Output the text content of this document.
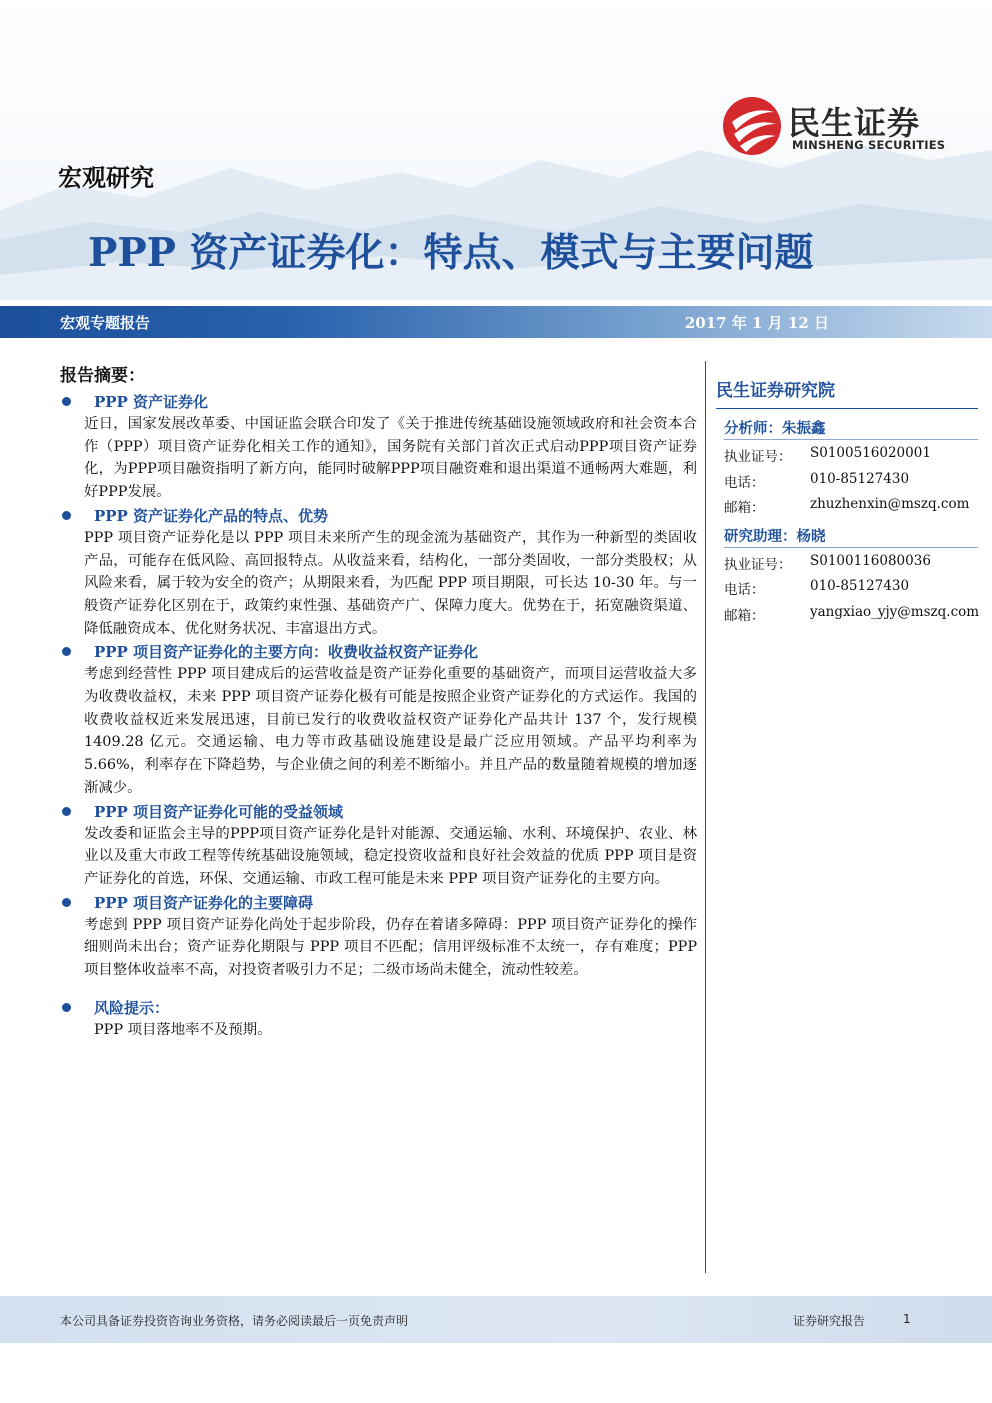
宏观研究
民生证券
MINSHENG SECURITIES
PPP 资产证券化：特点、模式与主要问题
宏观专题报告	2017 年 1 月 12 日
报告摘要：
PPP 资产证券化

近日，国家发展改革委、中国证监会联合印发了《关于推进传统基础设施领域政府和社会资本合作（PPP）项目资产证券化相关工作的通知》，国务院有关部门首次正式启动PPP项目资产证券化，为PPP项目融资指明了新方向，能同时破解PPP项目融资难和退出渠道不通畅两大难题，利好PPP发展。

PPP 资产证券化产品的特点、优势

PPP 项目资产证券化是以 PPP 项目未来所产生的现金流为基础资产，其作为一种新型的类固收产品，可能存在低风险、高回报特点。从收益来看，结构化，一部分类固收，一部分类股权；从风险来看，属于较为安全的资产；从期限来看，为匹配 PPP 项目期限，可长达 10-30 年。与一般资产证券化区别在于，政策约束性强、基础资产广、保障力度大。优势在于，拓宽融资渠道、降低融资成本、优化财务状况、丰富退出方式。

PPP 项目资产证券化的主要方向：收费收益权资产证券化

考虑到经营性 PPP 项目建成后的运营收益是资产证券化重要的基础资产，而项目运营收益大多为收费收益权，未来 PPP 项目资产证券化极有可能是按照企业资产证券化的方式运作。我国的收费收益权近来发展迅速，目前已发行的收费收益权资产证券化产品共计 137 个，发行规模 1409.28 亿元。交通运输、电力等市政基础设施建设是最广泛应用领域。产品平均利率为 5.66%，利率存在下降趋势，与企业债之间的利差不断缩小。并且产品的数量随着规模的增加逐渐减少。

PPP 项目资产证券化可能的受益领域

发改委和证监会主导的PPP项目资产证券化是针对能源、交通运输、水利、环境保护、农业、林业以及重大市政工程等传统基础设施领域，稳定投资收益和良好社会效益的优质 PPP 项目是资产证券化的首选，环保、交通运输、市政工程可能是未来 PPP 项目资产证券化的主要方向。

PPP 项目资产证券化的主要障碍

考虑到 PPP 项目资产证券化尚处于起步阶段，仍存在着诸多障碍：PPP 项目资产证券化的操作细则尚未出台；资产证券化期限与 PPP 项目不匹配；信用评级标准不太统一，存有难度；PPP 项目整体收益率不高，对投资者吸引力不足；二级市场尚未健全，流动性较差。

风险提示：

PPP 项目落地率不及预期。

民生证券研究院
分析师：朱振鑫
执业证号： S0100516020001
电话：	010-85127430
邮箱：	zhuzhenxin@mszq.com
研究助理：杨晓
执业证号： S0100116080036
电话：	010-85127430
邮箱：	yangxiao_yjy@mszq.com
本公司具备证券投资咨询业务资格，请务必阅读最后一页免责声明	证券研究报告	1
